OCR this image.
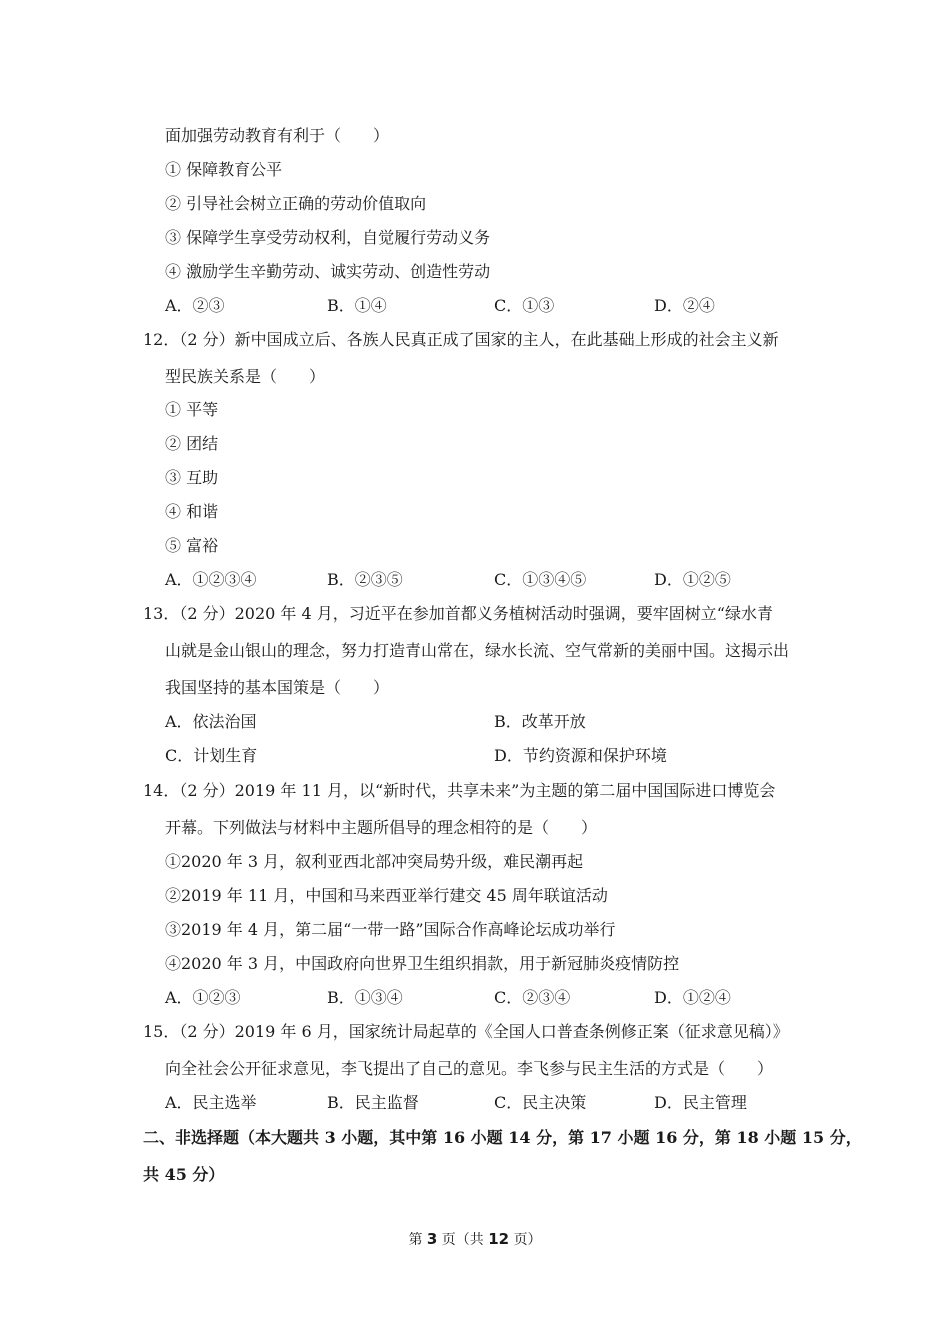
面加强劳动教育有利于（　　）
① 保障教育公平
② 引导社会树立正确的劳动价值取向
③ 保障学生享受劳动权利，自觉履行劳动义务
④ 激励学生辛勤劳动、诚实劳动、创造性劳动
A．②③	B．①④	C．①③	D．②④
12．（2 分）新中国成立后、各族人民真正成了国家的主人，在此基础上形成的社会主义新
型民族关系是（　　）
① 平等
② 团结
③ 互助
④ 和谐
⑤ 富裕
A．①②③④	B．②③⑤	C．①③④⑤	D．①②⑤
13．（2 分）2020 年 4 月，习近平在参加首都义务植树活动时强调，要牢固树立“绿水青
山就是金山银山的理念，努力打造青山常在，绿水长流、空气常新的美丽中国。这揭示出
我国坚持的基本国策是（　　）
A．依法治国	B．改革开放
C．计划生育	D．节约资源和保护环境
14．（2 分）2019 年 11 月，以“新时代，共享未来”为主题的第二届中国国际进口博览会
开幕。下列做法与材料中主题所倡导的理念相符的是（　　）
①2020 年 3 月，叙利亚西北部冲突局势升级，难民潮再起
②2019 年 11 月，中国和马来西亚举行建交 45 周年联谊活动
③2019 年 4 月，第二届“一带一路”国际合作高峰论坛成功举行
④2020 年 3 月，中国政府向世界卫生组织捐款，用于新冠肺炎疫情防控
A．①②③	B．①③④	C．②③④	D．①②④
15．（2 分）2019 年 6 月，国家统计局起草的《全国人口普查条例修正案（征求意见稿）》
向全社会公开征求意见，李飞提出了自己的意见。李飞参与民主生活的方式是（　　）
A．民主选举	B．民主监督	C．民主决策	D．民主管理
二、非选择题（本大题共 3 小题，其中第 16 小题 14 分，第 17 小题 16 分，第 18 小题 15 分，
共 45 分）
第 3 页（共 12 页）
